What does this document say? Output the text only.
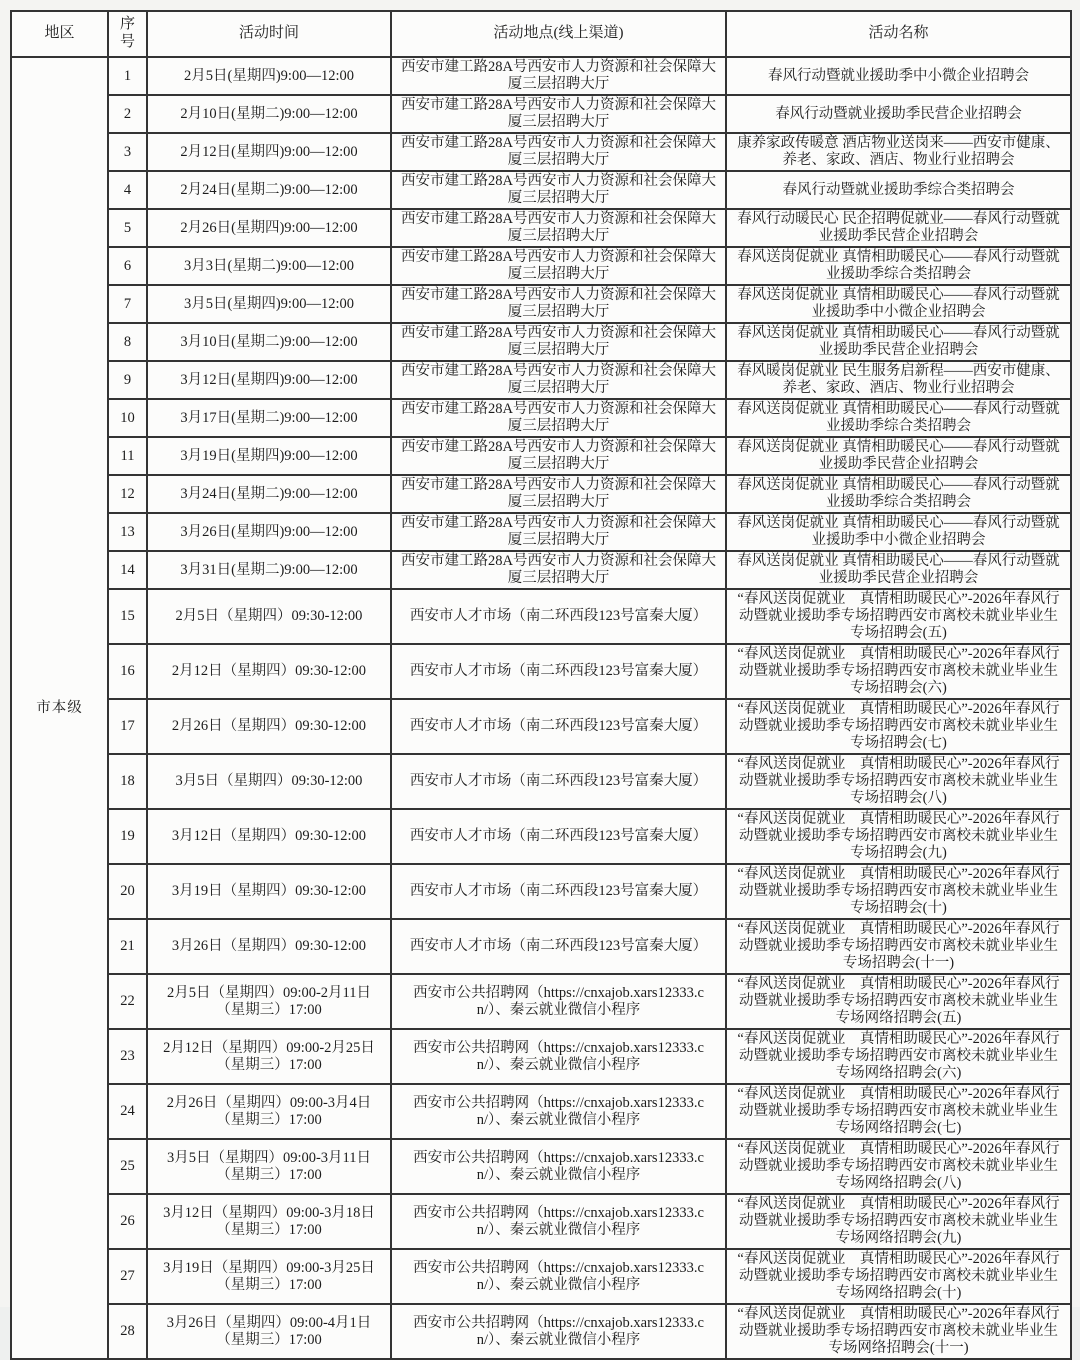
地区	序号	活动时间	活动地点(线上渠道)	活动名称
市本级	1	2月5日(星期四)9:00—12:00	西安市建工路28A号西安市人力资源和社会保障大厦三层招聘大厅	春风行动暨就业援助季中小微企业招聘会
	2	2月10日(星期二)9:00—12:00	西安市建工路28A号西安市人力资源和社会保障大厦三层招聘大厅	春风行动暨就业援助季民营企业招聘会
	3	2月12日(星期四)9:00—12:00	西安市建工路28A号西安市人力资源和社会保障大厦三层招聘大厅	康养家政传暖意 酒店物业送岗来——西安市健康、养老、家政、酒店、物业行业招聘会
	4	2月24日(星期二)9:00—12:00	西安市建工路28A号西安市人力资源和社会保障大厦三层招聘大厅	春风行动暨就业援助季综合类招聘会
	5	2月26日(星期四)9:00—12:00	西安市建工路28A号西安市人力资源和社会保障大厦三层招聘大厅	春风行动暖民心 民企招聘促就业——春风行动暨就业援助季民营企业招聘会
	6	3月3日(星期二)9:00—12:00	西安市建工路28A号西安市人力资源和社会保障大厦三层招聘大厅	春风送岗促就业 真情相助暖民心——春风行动暨就业援助季综合类招聘会
	7	3月5日(星期四)9:00—12:00	西安市建工路28A号西安市人力资源和社会保障大厦三层招聘大厅	春风送岗促就业 真情相助暖民心——春风行动暨就业援助季中小微企业招聘会
	8	3月10日(星期二)9:00—12:00	西安市建工路28A号西安市人力资源和社会保障大厦三层招聘大厅	春风送岗促就业 真情相助暖民心——春风行动暨就业援助季民营企业招聘会
	9	3月12日(星期四)9:00—12:00	西安市建工路28A号西安市人力资源和社会保障大厦三层招聘大厅	春风暖岗促就业 民生服务启新程——西安市健康、养老、家政、酒店、物业行业招聘会
	10	3月17日(星期二)9:00—12:00	西安市建工路28A号西安市人力资源和社会保障大厦三层招聘大厅	春风送岗促就业 真情相助暖民心——春风行动暨就业援助季综合类招聘会
	11	3月19日(星期四)9:00—12:00	西安市建工路28A号西安市人力资源和社会保障大厦三层招聘大厅	春风送岗促就业 真情相助暖民心——春风行动暨就业援助季民营企业招聘会
	12	3月24日(星期二)9:00—12:00	西安市建工路28A号西安市人力资源和社会保障大厦三层招聘大厅	春风送岗促就业 真情相助暖民心——春风行动暨就业援助季综合类招聘会
	13	3月26日(星期四)9:00—12:00	西安市建工路28A号西安市人力资源和社会保障大厦三层招聘大厅	春风送岗促就业 真情相助暖民心——春风行动暨就业援助季中小微企业招聘会
	14	3月31日(星期二)9:00—12:00	西安市建工路28A号西安市人力资源和社会保障大厦三层招聘大厅	春风送岗促就业 真情相助暖民心——春风行动暨就业援助季民营企业招聘会
	15	2月5日（星期四）09:30-12:00	西安市人才市场（南二环西段123号富秦大厦）	“春风送岗促就业　真情相助暖民心”-2026年春风行动暨就业援助季专场招聘西安市离校未就业毕业生专场招聘会(五)
	16	2月12日（星期四）09:30-12:00	西安市人才市场（南二环西段123号富秦大厦）	“春风送岗促就业　真情相助暖民心”-2026年春风行动暨就业援助季专场招聘西安市离校未就业毕业生专场招聘会(六)
	17	2月26日（星期四）09:30-12:00	西安市人才市场（南二环西段123号富秦大厦）	“春风送岗促就业　真情相助暖民心”-2026年春风行动暨就业援助季专场招聘西安市离校未就业毕业生专场招聘会(七)
	18	3月5日（星期四）09:30-12:00	西安市人才市场（南二环西段123号富秦大厦）	“春风送岗促就业　真情相助暖民心”-2026年春风行动暨就业援助季专场招聘西安市离校未就业毕业生专场招聘会(八)
	19	3月12日（星期四）09:30-12:00	西安市人才市场（南二环西段123号富秦大厦）	“春风送岗促就业　真情相助暖民心”-2026年春风行动暨就业援助季专场招聘西安市离校未就业毕业生专场招聘会(九)
	20	3月19日（星期四）09:30-12:00	西安市人才市场（南二环西段123号富秦大厦）	“春风送岗促就业　真情相助暖民心”-2026年春风行动暨就业援助季专场招聘西安市离校未就业毕业生专场招聘会(十)
	21	3月26日（星期四）09:30-12:00	西安市人才市场（南二环西段123号富秦大厦）	“春风送岗促就业　真情相助暖民心”-2026年春风行动暨就业援助季专场招聘西安市离校未就业毕业生专场招聘会(十一)
	22	2月5日（星期四）09:00-2月11日（星期三）17:00	西安市公共招聘网（https://cnxajob.xars12333.cn/）、秦云就业微信小程序	“春风送岗促就业　真情相助暖民心”-2026年春风行动暨就业援助季专场招聘西安市离校未就业毕业生专场网络招聘会(五)
	23	2月12日（星期四）09:00-2月25日（星期三）17:00	西安市公共招聘网（https://cnxajob.xars12333.cn/）、秦云就业微信小程序	“春风送岗促就业　真情相助暖民心”-2026年春风行动暨就业援助季专场招聘西安市离校未就业毕业生专场网络招聘会(六)
	24	2月26日（星期四）09:00-3月4日（星期三）17:00	西安市公共招聘网（https://cnxajob.xars12333.cn/）、秦云就业微信小程序	“春风送岗促就业　真情相助暖民心”-2026年春风行动暨就业援助季专场招聘西安市离校未就业毕业生专场网络招聘会(七)
	25	3月5日（星期四）09:00-3月11日（星期三）17:00	西安市公共招聘网（https://cnxajob.xars12333.cn/）、秦云就业微信小程序	“春风送岗促就业　真情相助暖民心”-2026年春风行动暨就业援助季专场招聘西安市离校未就业毕业生专场网络招聘会(八)
	26	3月12日（星期四）09:00-3月18日（星期三）17:00	西安市公共招聘网（https://cnxajob.xars12333.cn/）、秦云就业微信小程序	“春风送岗促就业　真情相助暖民心”-2026年春风行动暨就业援助季专场招聘西安市离校未就业毕业生专场网络招聘会(九)
	27	3月19日（星期四）09:00-3月25日（星期三）17:00	西安市公共招聘网（https://cnxajob.xars12333.cn/）、秦云就业微信小程序	“春风送岗促就业　真情相助暖民心”-2026年春风行动暨就业援助季专场招聘西安市离校未就业毕业生专场网络招聘会(十)
	28	3月26日（星期四）09:00-4月1日（星期三）17:00	西安市公共招聘网（https://cnxajob.xars12333.cn/）、秦云就业微信小程序	“春风送岗促就业　真情相助暖民心”-2026年春风行动暨就业援助季专场招聘西安市离校未就业毕业生专场网络招聘会(十一)
